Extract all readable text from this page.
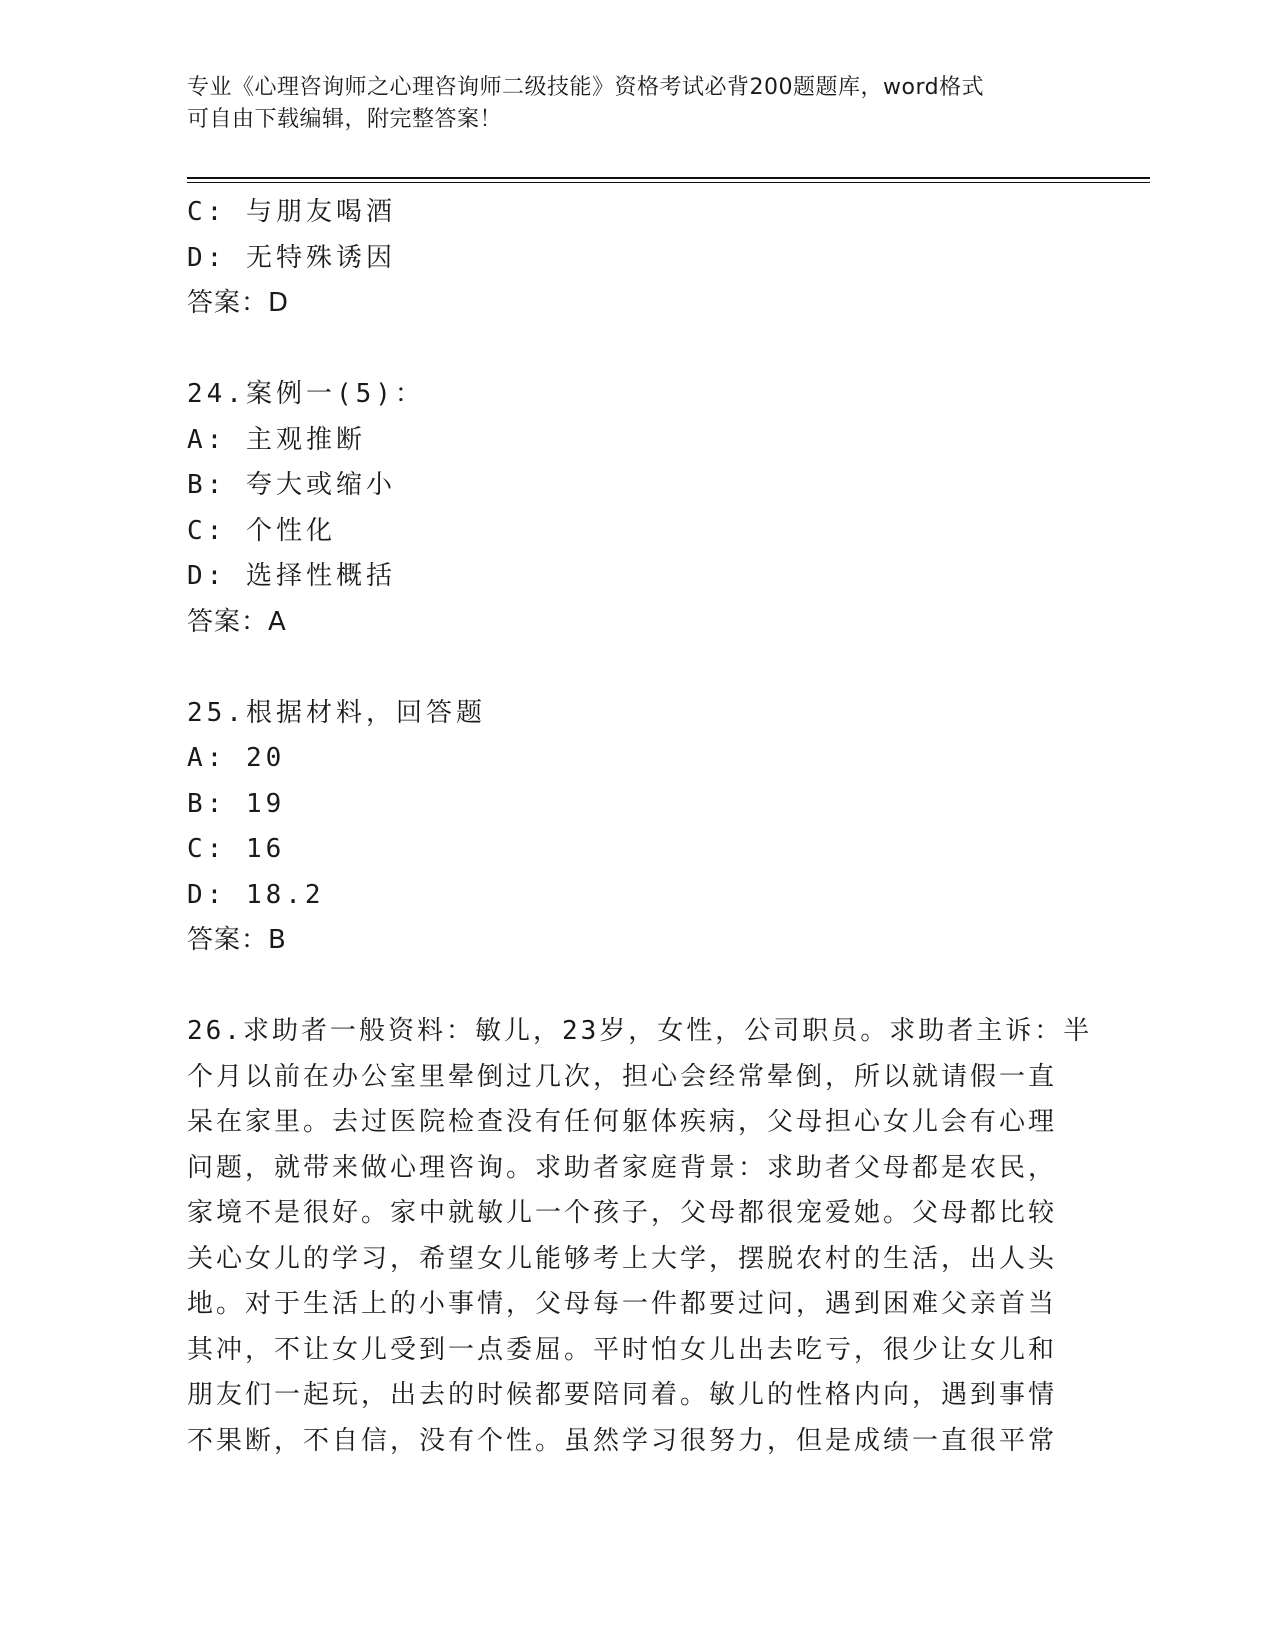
专业《心理咨询师之心理咨询师二级技能》资格考试必背200题题库，word格式
可自由下载编辑，附完整答案！
C: 与朋友喝酒
D: 无特殊诱因
答案：D
24.案例一(5)：
A: 主观推断
B: 夸大或缩小
C: 个性化
D: 选择性概括
答案：A
25.根据材料，回答题
A: 20
B: 19
C: 16
D: 18.2
答案：B
26.求助者一般资料：敏儿，23岁，女性，公司职员。求助者主诉：半
个月以前在办公室里晕倒过几次，担心会经常晕倒，所以就请假一直
呆在家里。去过医院检查没有任何躯体疾病，父母担心女儿会有心理
问题，就带来做心理咨询。求助者家庭背景：求助者父母都是农民，
家境不是很好。家中就敏儿一个孩子，父母都很宠爱她。父母都比较
关心女儿的学习，希望女儿能够考上大学，摆脱农村的生活，出人头
地。对于生活上的小事情，父母每一件都要过问，遇到困难父亲首当
其冲，不让女儿受到一点委屈。平时怕女儿出去吃亏，很少让女儿和
朋友们一起玩，出去的时候都要陪同着。敏儿的性格内向，遇到事情
不果断，不自信，没有个性。虽然学习很努力，但是成绩一直很平常
